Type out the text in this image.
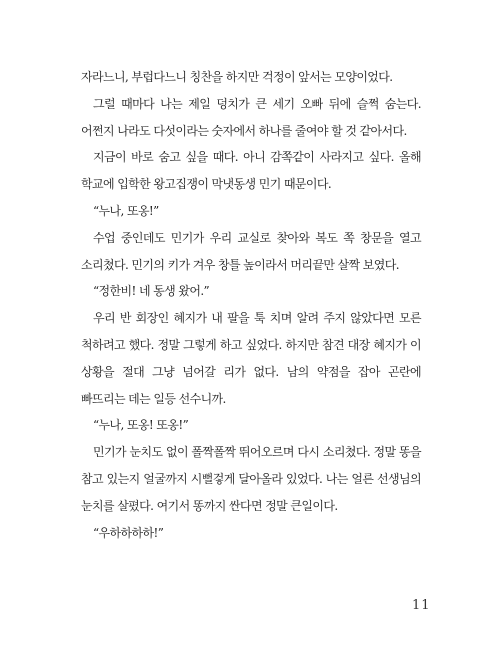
자라느니, 부럽다느니 칭찬을 하지만 걱정이 앞서는 모양이었다.

그럴 때마다 나는 제일 덩치가 큰 세기 오빠 뒤에 슬쩍 숨는다. 어쩐지 나라도 다섯이라는 숫자에서 하나를 줄여야 할 것 같아서다.

지금이 바로 숨고 싶을 때다. 아니 감쪽같이 사라지고 싶다. 올해 학교에 입학한 왕고집쟁이 막냇동생 민기 때문이다.

“누나, 또옹!”

수업 중인데도 민기가 우리 교실로 찾아와 복도 쪽 창문을 열고 소리쳤다. 민기의 키가 겨우 창틀 높이라서 머리끝만 살짝 보였다.

“정한비! 네 동생 왔어.”

우리 반 회장인 혜지가 내 팔을 툭 치며 알려 주지 않았다면 모른 척하려고 했다. 정말 그렇게 하고 싶었다. 하지만 참견 대장 혜지가 이 상황을 절대 그냥 넘어갈 리가 없다. 남의 약점을 잡아 곤란에 빠뜨리는 데는 일등 선수니까.

“누나, 또옹! 또옹!”

민기가 눈치도 없이 폴짝폴짝 뛰어오르며 다시 소리쳤다. 정말 똥을 참고 있는지 얼굴까지 시뻘겋게 달아올라 있었다. 나는 얼른 선생님의 눈치를 살폈다. 여기서 똥까지 싼다면 정말 큰일이다.

“우하하하하!”

11
